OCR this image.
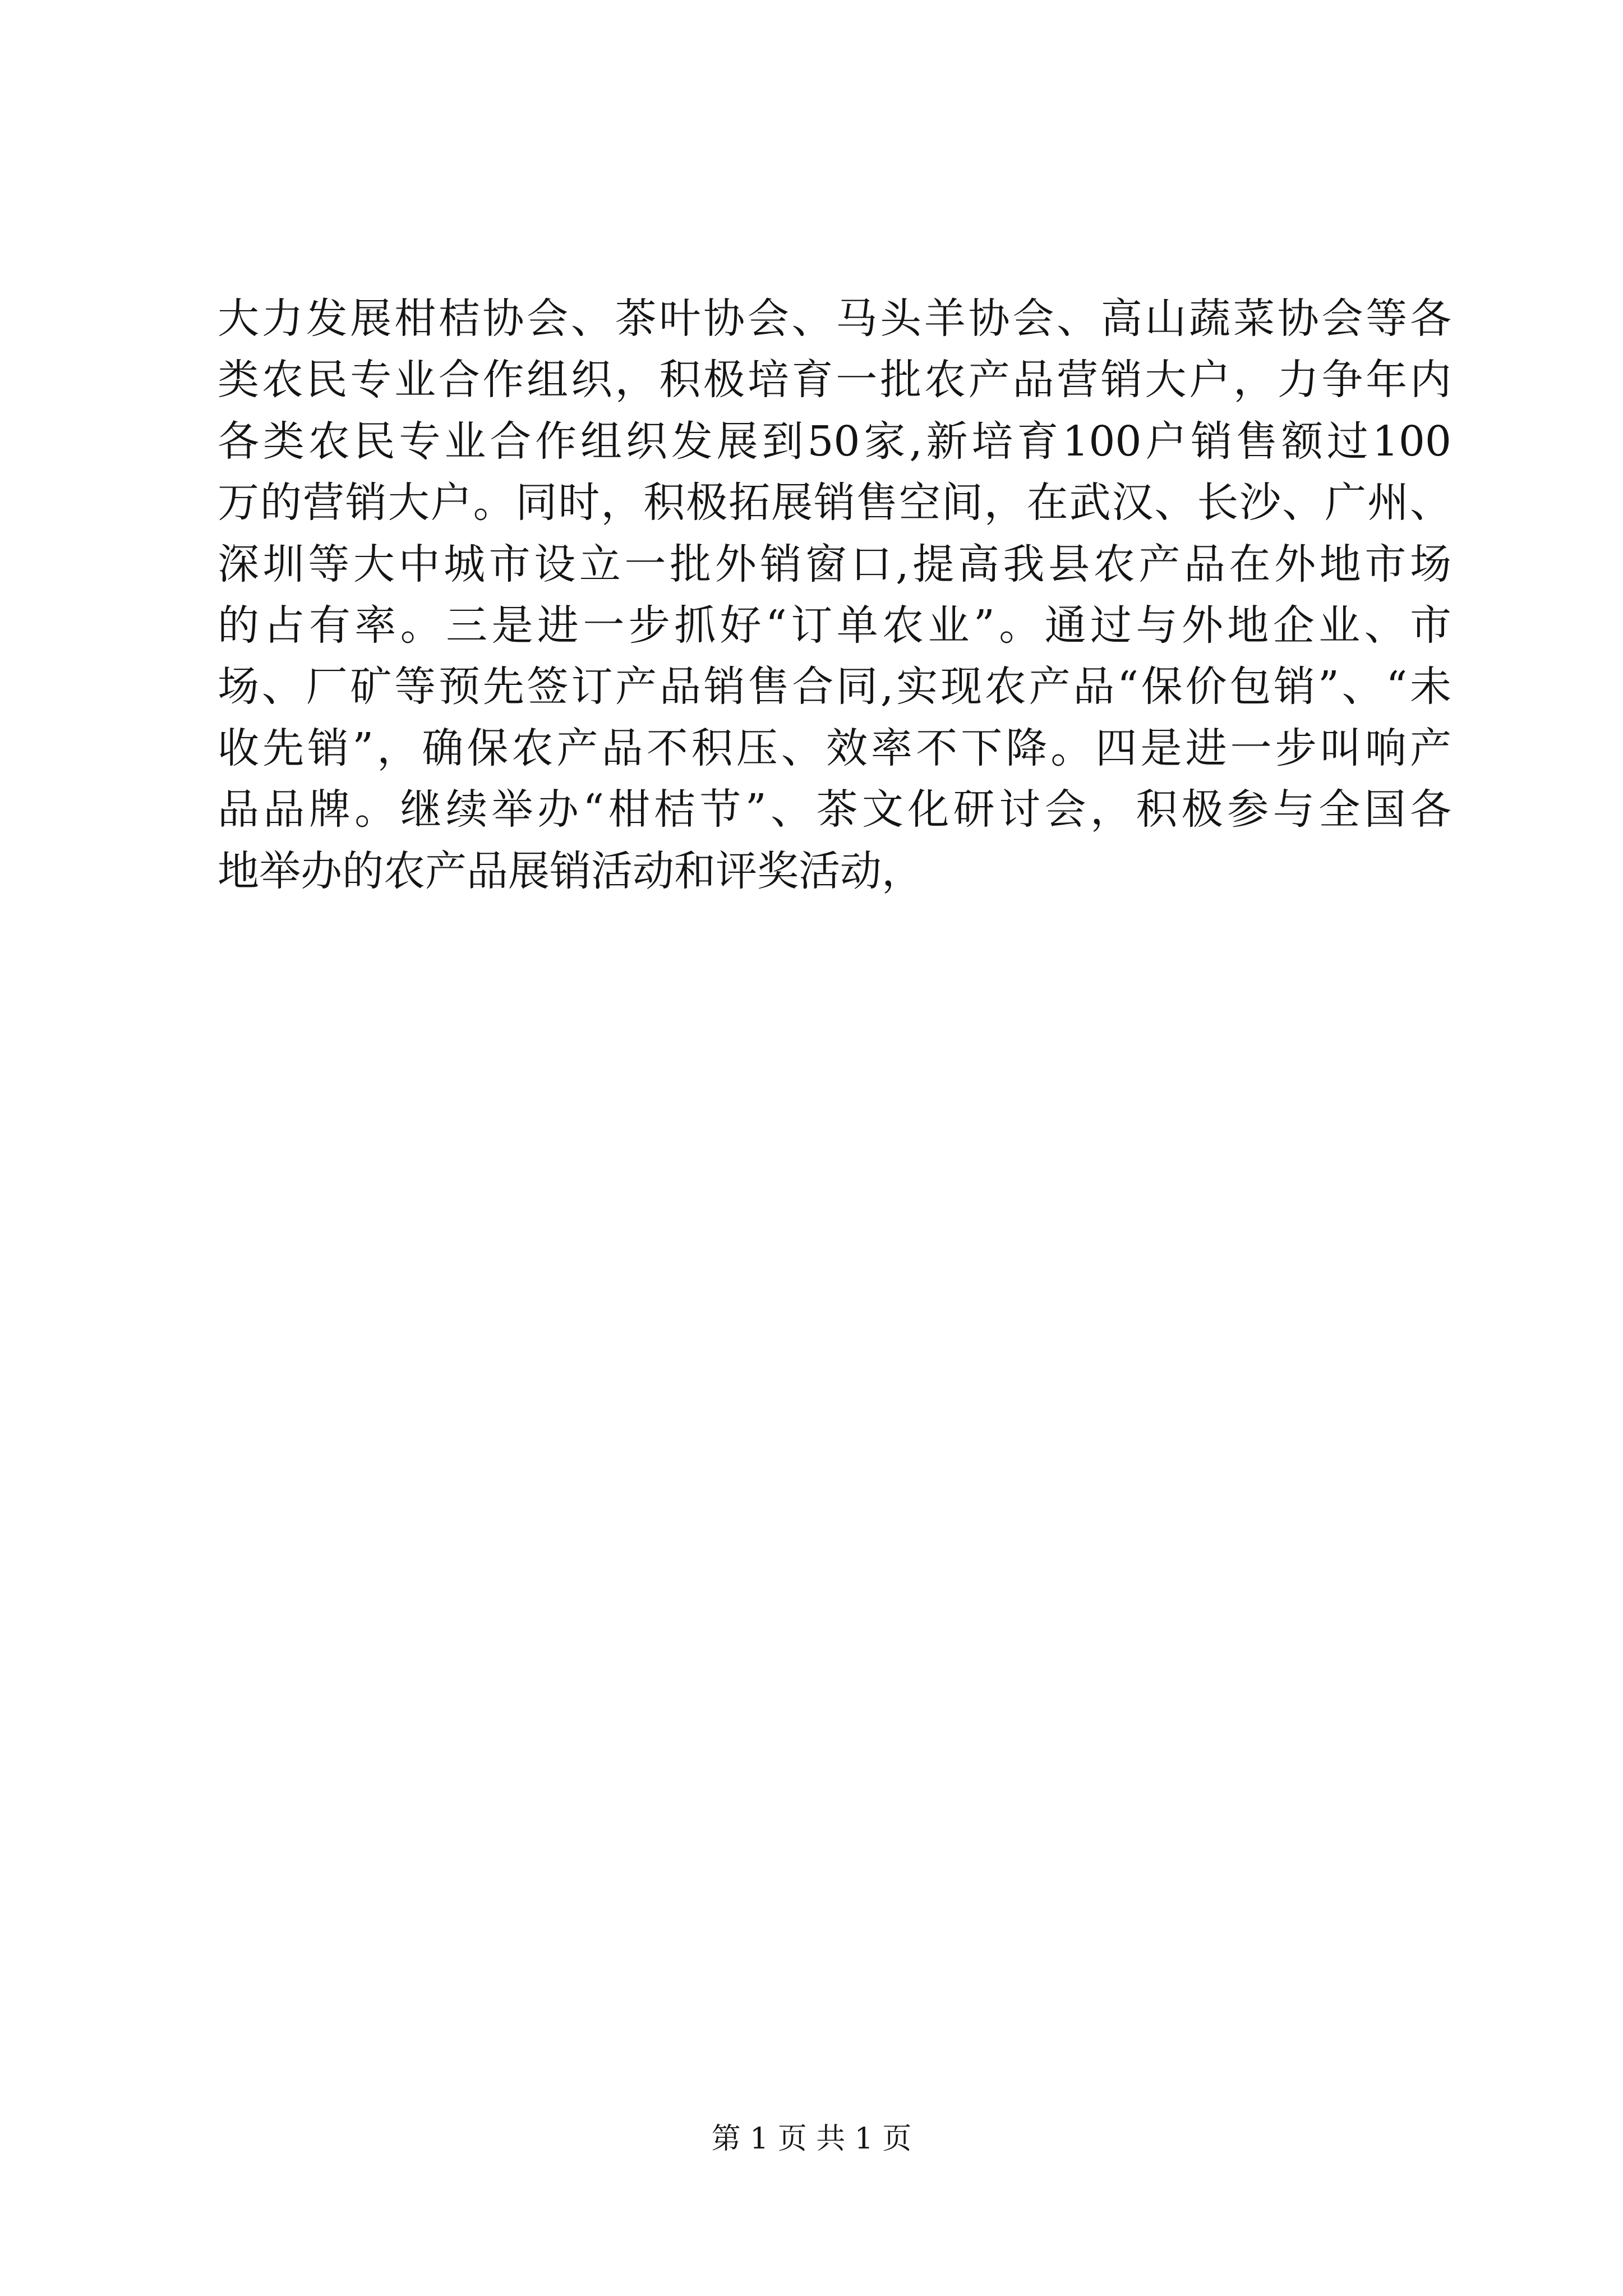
大力发展柑桔协会、茶叶协会、马头羊协会、高山蔬菜协会等各
类农民专业合作组织，积极培育一批农产品营销大户，力争年内
各类农民专业合作组织发展到50家,新培育100户销售额过100
万的营销大户。同时，积极拓展销售空间，在武汉、长沙、广州、
深圳等大中城市设立一批外销窗口,提高我县农产品在外地市场
的占有率。三是进一步抓好“订单农业”。通过与外地企业、市
场、厂矿等预先签订产品销售合同,实现农产品“保价包销”、“未
收先销”，确保农产品不积压、效率不下降。四是进一步叫响产
品品牌。继续举办“柑桔节”、茶文化研讨会，积极参与全国各
地举办的农产品展销活动和评奖活动，
第 1 页 共 1 页
